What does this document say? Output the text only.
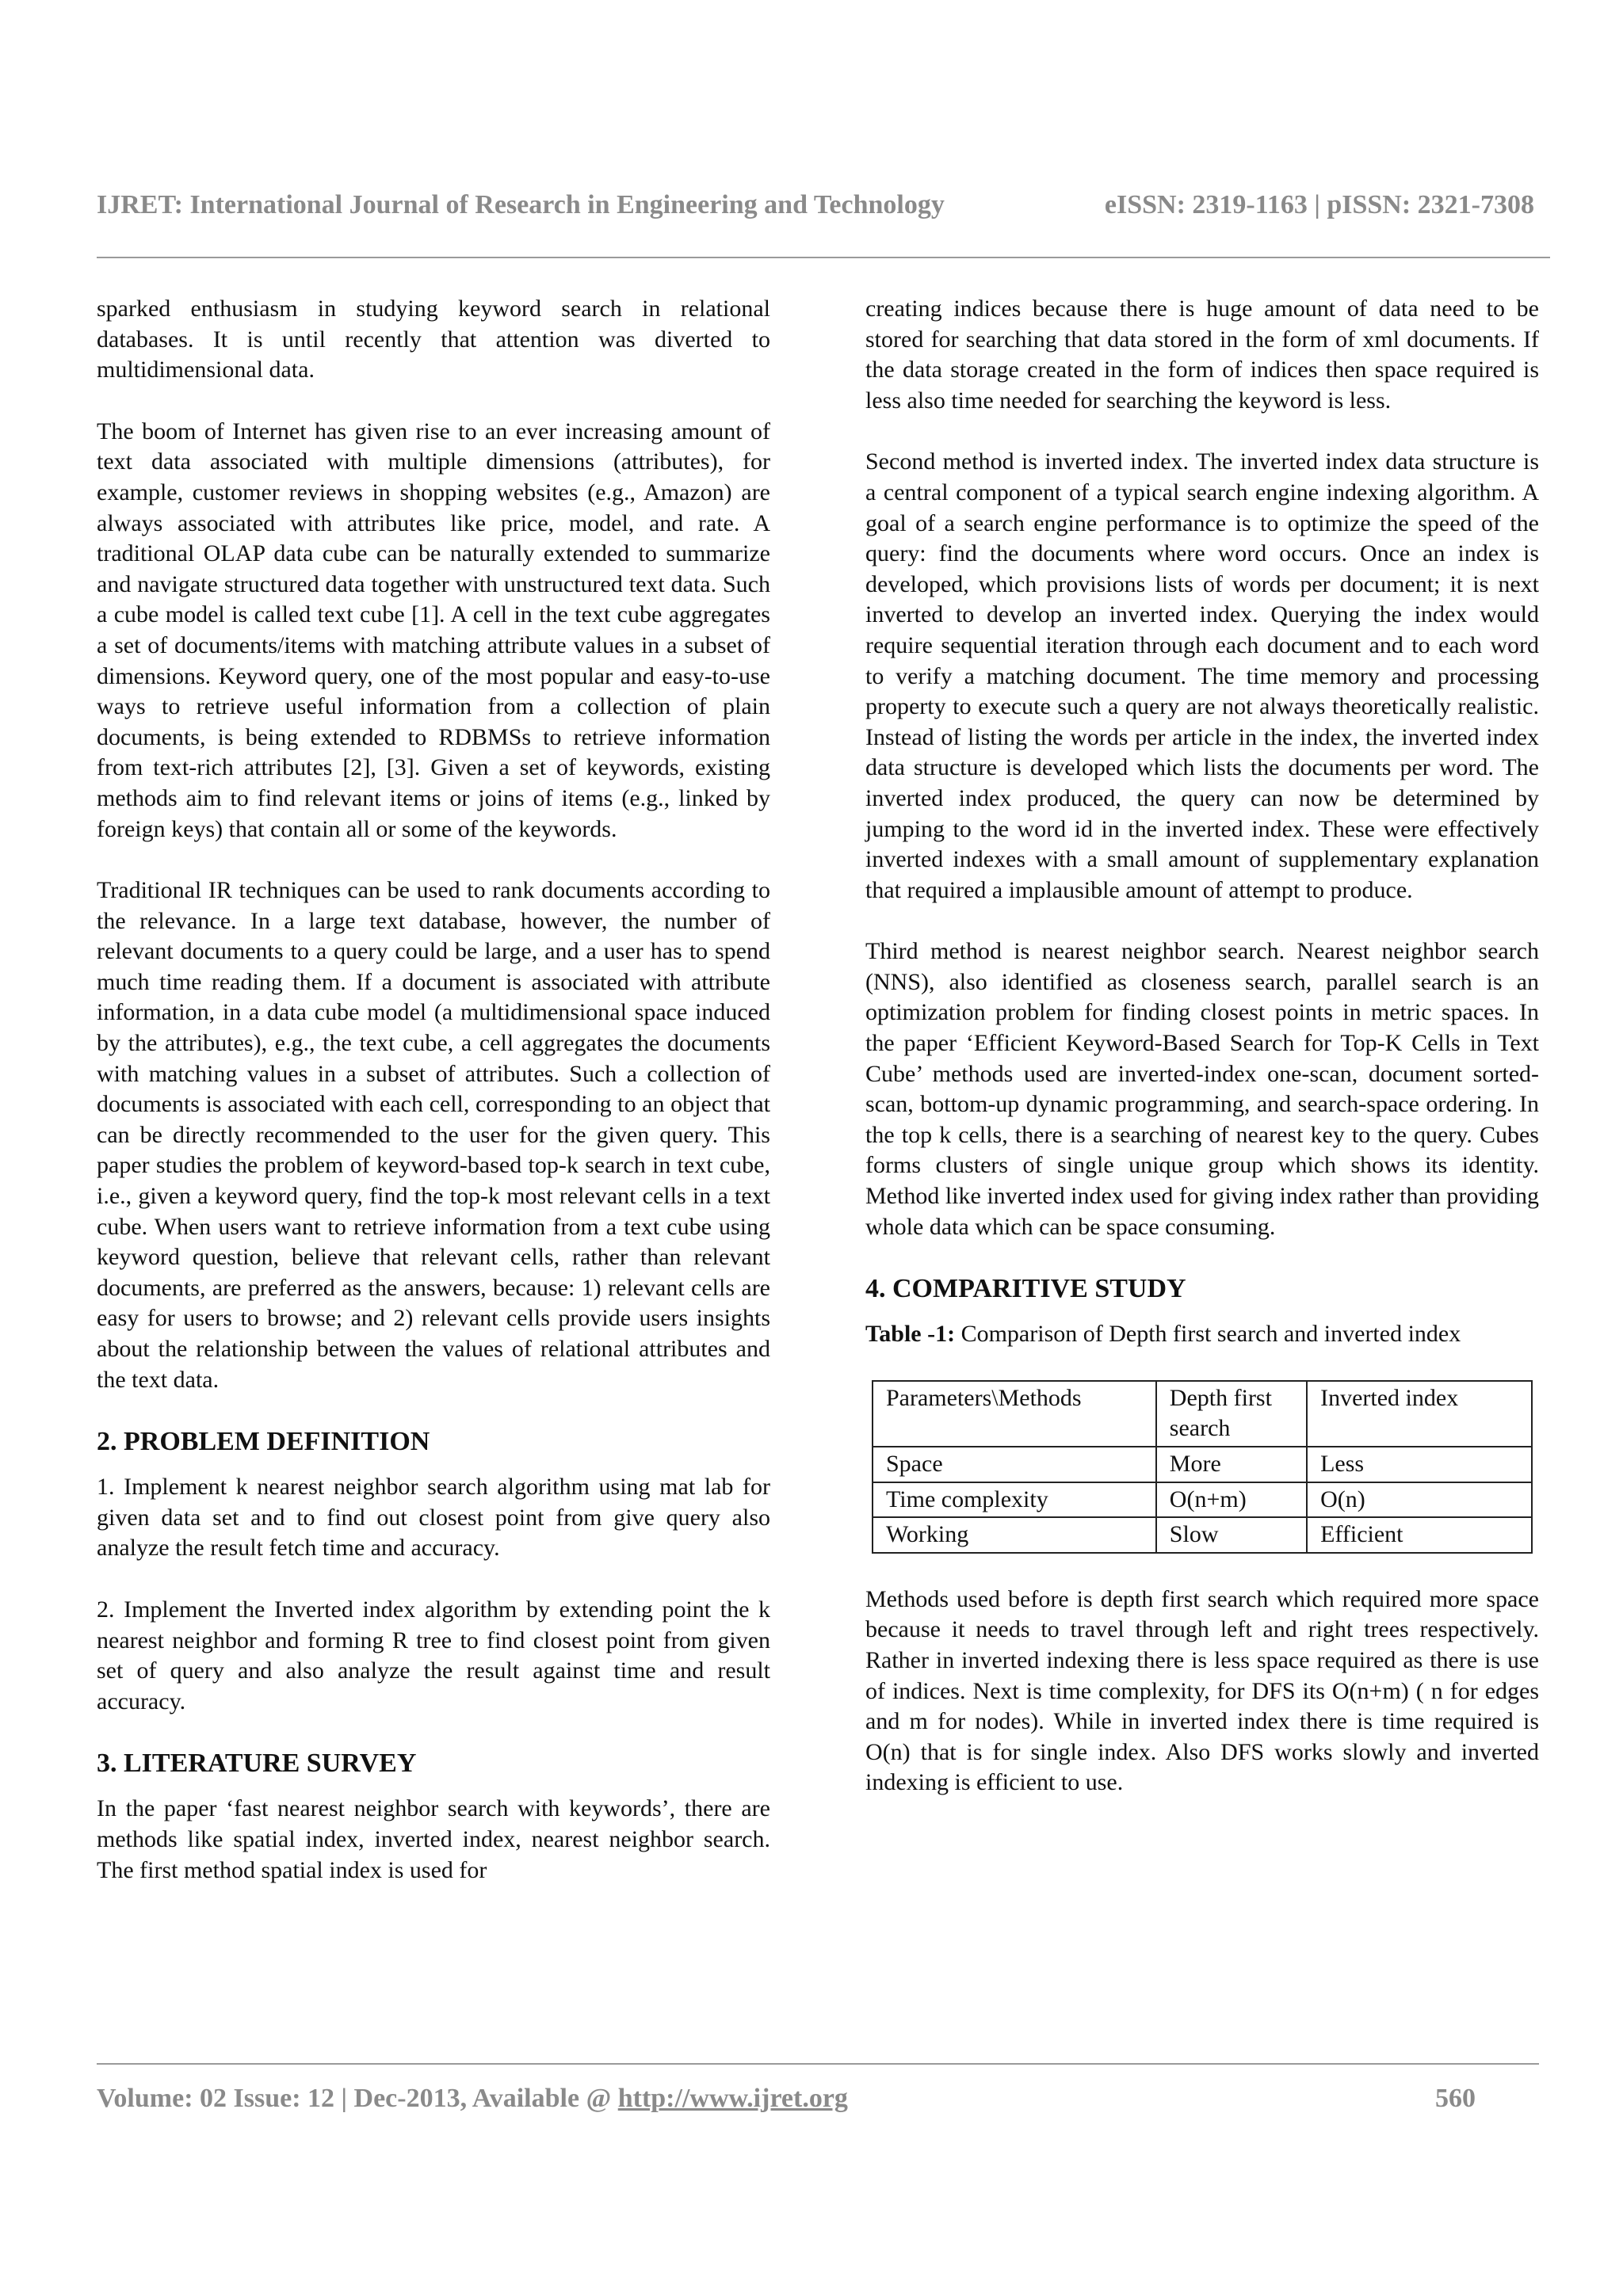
IJRET: International Journal of Research in Engineering and Technology	eISSN: 2319-1163 | pISSN: 2321-7308

sparked enthusiasm in studying keyword search in relational databases. It is until recently that attention was diverted to multidimensional data.

The boom of Internet has given rise to an ever increasing amount of text data associated with multiple dimensions (attributes), for example, customer reviews in shopping websites (e.g., Amazon) are always associated with attributes like price, model, and rate. A traditional OLAP data cube can be naturally extended to summarize and navigate structured data together with unstructured text data. Such a cube model is called text cube [1]. A cell in the text cube aggregates a set of documents/items with matching attribute values in a subset of dimensions. Keyword query, one of the most popular and easy-to-use ways to retrieve useful information from a collection of plain documents, is being extended to RDBMSs to retrieve information from text-rich attributes [2], [3]. Given a set of keywords, existing methods aim to find relevant items or joins of items (e.g., linked by foreign keys) that contain all or some of the keywords.

Traditional IR techniques can be used to rank documents according to the relevance. In a large text database, however, the number of relevant documents to a query could be large, and a user has to spend much time reading them. If a document is associated with attribute information, in a data cube model (a multidimensional space induced by the attributes), e.g., the text cube, a cell aggregates the documents with matching values in a subset of attributes. Such a collection of documents is associated with each cell, corresponding to an object that can be directly recommended to the user for the given query. This paper studies the problem of keyword-based top-k search in text cube, i.e., given a keyword query, find the top-k most relevant cells in a text cube. When users want to retrieve information from a text cube using keyword question, believe that relevant cells, rather than relevant documents, are preferred as the answers, because: 1) relevant cells are easy for users to browse; and 2) relevant cells provide users insights about the relationship between the values of relational attributes and the text data.

2. PROBLEM DEFINITION

1. Implement k nearest neighbor search algorithm using mat lab for given data set and to find out closest point from give query also analyze the result fetch time and accuracy.

2. Implement the Inverted index algorithm by extending point the k nearest neighbor and forming R tree to find closest point from given set of query and also analyze the result against time and result accuracy.

3. LITERATURE SURVEY

In the paper ‘fast nearest neighbor search with keywords’, there are methods like spatial index, inverted index, nearest neighbor search. The first method spatial index is used for

creating indices because there is huge amount of data need to be stored for searching that data stored in the form of xml documents. If the data storage created in the form of indices then space required is less also time needed for searching the keyword is less.

Second method is inverted index. The inverted index data structure is a central component of a typical search engine indexing algorithm. A goal of a search engine performance is to optimize the speed of the query: find the documents where word occurs. Once an index is developed, which provisions lists of words per document; it is next inverted to develop an inverted index. Querying the index would require sequential iteration through each document and to each word to verify a matching document. The time memory and processing property to execute such a query are not always theoretically realistic. Instead of listing the words per article in the index, the inverted index data structure is developed which lists the documents per word. The inverted index produced, the query can now be determined by jumping to the word id in the inverted index. These were effectively inverted indexes with a small amount of supplementary explanation that required a implausible amount of attempt to produce.

Third method is nearest neighbor search. Nearest neighbor search (NNS), also identified as closeness search, parallel search is an optimization problem for finding closest points in metric spaces. In the paper ‘Efficient Keyword-Based Search for Top-K Cells in Text Cube’ methods used are inverted-index one-scan, document sorted-scan, bottom-up dynamic programming, and search-space ordering. In the top k cells, there is a searching of nearest key to the query. Cubes forms clusters of single unique group which shows its identity. Method like inverted index used for giving index rather than providing whole data which can be space consuming.

4. COMPARITIVE STUDY

Table -1: Comparison of Depth first search and inverted index

Parameters\Methods	Depth first search	Inverted index
Space	More	Less
Time complexity	O(n+m)	O(n)
Working	Slow	Efficient

Methods used before is depth first search which required more space because it needs to travel through left and right trees respectively. Rather in inverted indexing there is less space required as there is use of indices. Next is time complexity, for DFS its O(n+m) ( n for edges and m for nodes). While in inverted index there is time required is O(n) that is for single index. Also DFS works slowly and inverted indexing is efficient to use.

Volume: 02 Issue: 12 | Dec-2013, Available @ http://www.ijret.org	560
